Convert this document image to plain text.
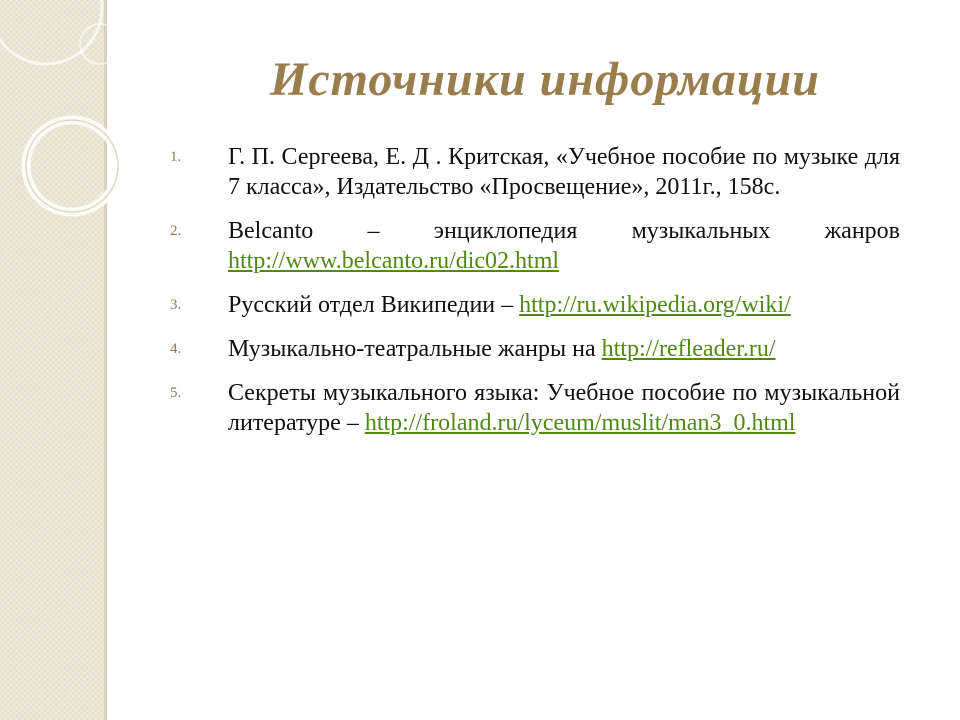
Источники информации
1. Г. П. Сергеева, Е. Д . Критская, «Учебное пособие по музыке для 7 класса», Издательство «Просвещение», 2011г., 158с.
2. Belcanto – энциклопедия музыкальных жанров http://www.belcanto.ru/dic02.html
3. Русский отдел Википедии – http://ru.wikipedia.org/wiki/
4. Музыкально-театральные жанры на http://refleader.ru/
5. Секреты музыкального языка: Учебное пособие по музыкальной литературе – http://froland.ru/lyceum/muslit/man3_0.html
